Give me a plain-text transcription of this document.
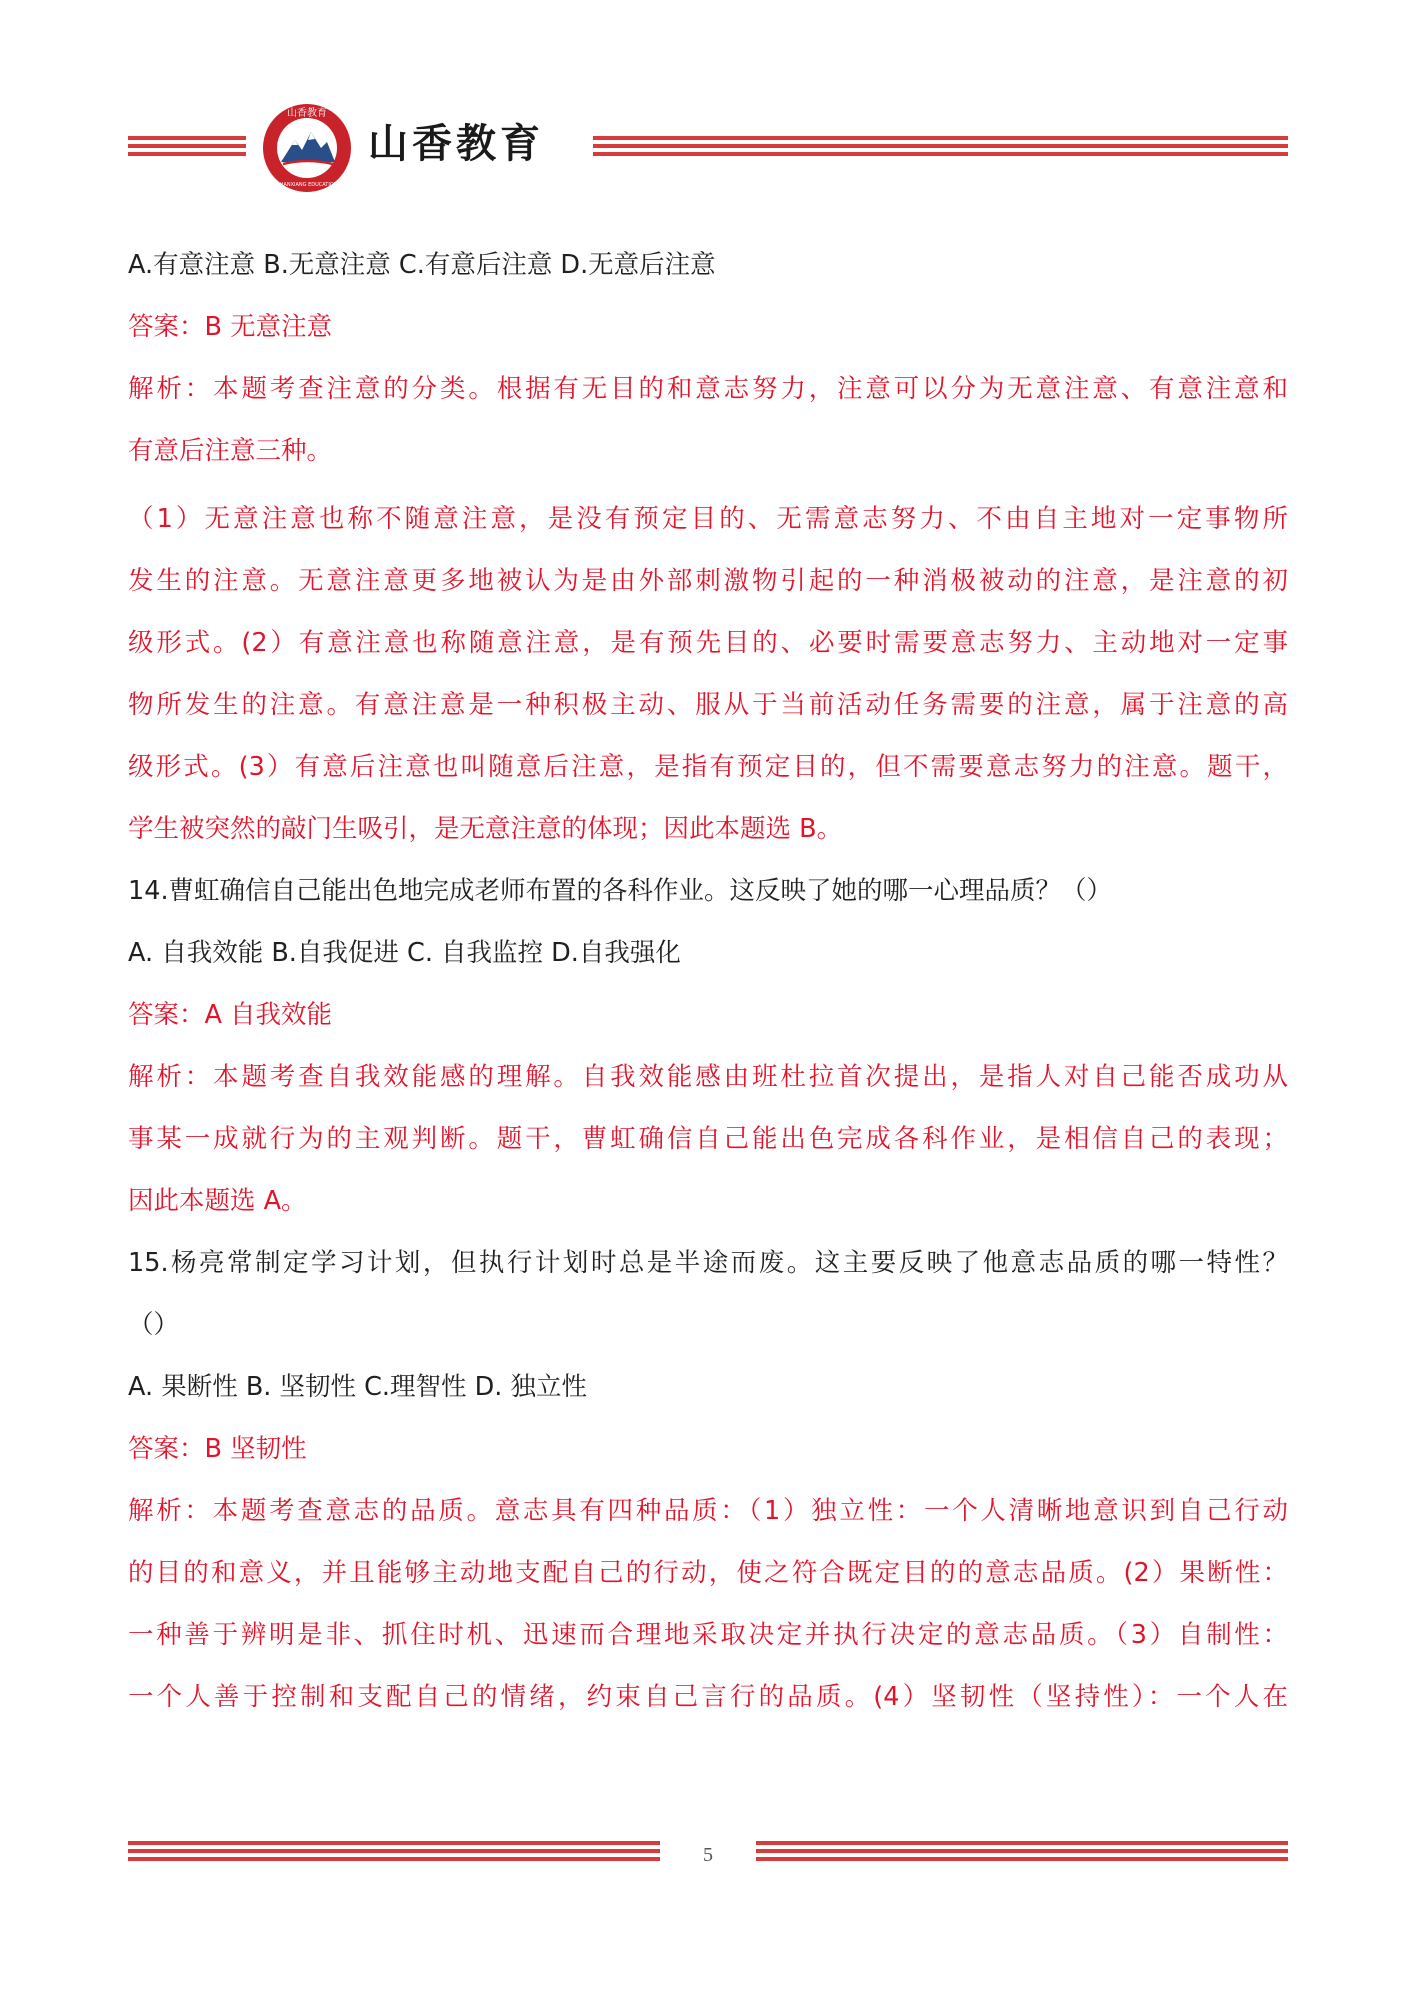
山香教育
SHANXIANG EDUCATION
山香教育
A.有意注意 B.无意注意 C.有意后注意 D.无意后注意
答案：B 无意注意
解析：本题考查注意的分类。根据有无目的和意志努力，注意可以分为无意注意、有意注意和
有意后注意三种。
（1）无意注意也称不随意注意，是没有预定目的、无需意志努力、不由自主地对一定事物所
发生的注意。无意注意更多地被认为是由外部刺激物引起的一种消极被动的注意，是注意的初
级形式。(2）有意注意也称随意注意，是有预先目的、必要时需要意志努力、主动地对一定事
物所发生的注意。有意注意是一种积极主动、服从于当前活动任务需要的注意，属于注意的高
级形式。(3）有意后注意也叫随意后注意，是指有预定目的，但不需要意志努力的注意。题干，
学生被突然的敲门生吸引，是无意注意的体现；因此本题选 B。
14.曹虹确信自己能出色地完成老师布置的各科作业。这反映了她的哪一心理品质？（）
A. 自我效能 B.自我促进 C. 自我监控 D.自我强化
答案：A 自我效能
解析：本题考查自我效能感的理解。自我效能感由班杜拉首次提出，是指人对自己能否成功从
事某一成就行为的主观判断。题干，曹虹确信自己能出色完成各科作业，是相信自己的表现；
因此本题选 A。
15.杨亮常制定学习计划，但执行计划时总是半途而废。这主要反映了他意志品质的哪一特性？
（）
A. 果断性 B. 坚韧性 C.理智性 D. 独立性
答案：B 坚韧性
解析：本题考查意志的品质。意志具有四种品质：（1）独立性：一个人清晰地意识到自己行动
的目的和意义，并且能够主动地支配自己的行动，使之符合既定目的的意志品质。(2）果断性：
一种善于辨明是非、抓住时机、迅速而合理地采取决定并执行决定的意志品质。（3）自制性：
一个人善于控制和支配自己的情绪，约束自己言行的品质。(4）坚韧性（坚持性）：一个人在
5
